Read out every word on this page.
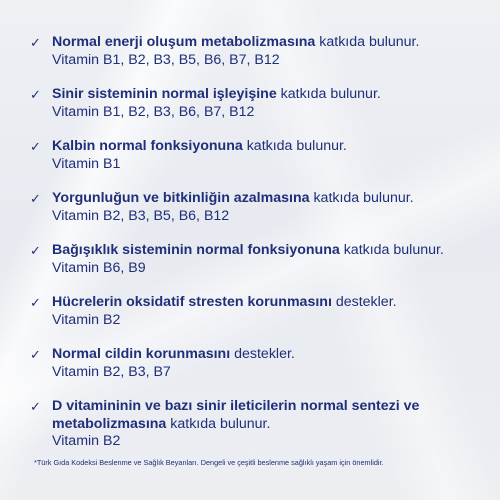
✓ Normal enerji oluşum metabolizmasına katkıda bulunur.
Vitamin B1, B2, B3, B5, B6, B7, B12
✓ Sinir sisteminin normal işleyişine katkıda bulunur.
Vitamin B1, B2, B3, B6, B7, B12
✓ Kalbin normal fonksiyonuna katkıda bulunur.
Vitamin B1
✓ Yorgunluğun ve bitkinliğin azalmasına katkıda bulunur.
Vitamin B2, B3, B5, B6, B12
✓ Bağışıklık sisteminin normal fonksiyonuna katkıda bulunur.
Vitamin B6, B9
✓ Hücrelerin oksidatif stresten korunmasını destekler.
Vitamin B2
✓ Normal cildin korunmasını destekler.
Vitamin B2, B3, B7
✓ D vitamininin ve bazı sinir ileticilerin normal sentezi ve metabolizmasına katkıda bulunur.
Vitamin B2
*Türk Gıda Kodeksi Beslenme ve Sağlık Beyanları. Dengeli ve çeşitli beslenme sağlıklı yaşam için önemlidir.
